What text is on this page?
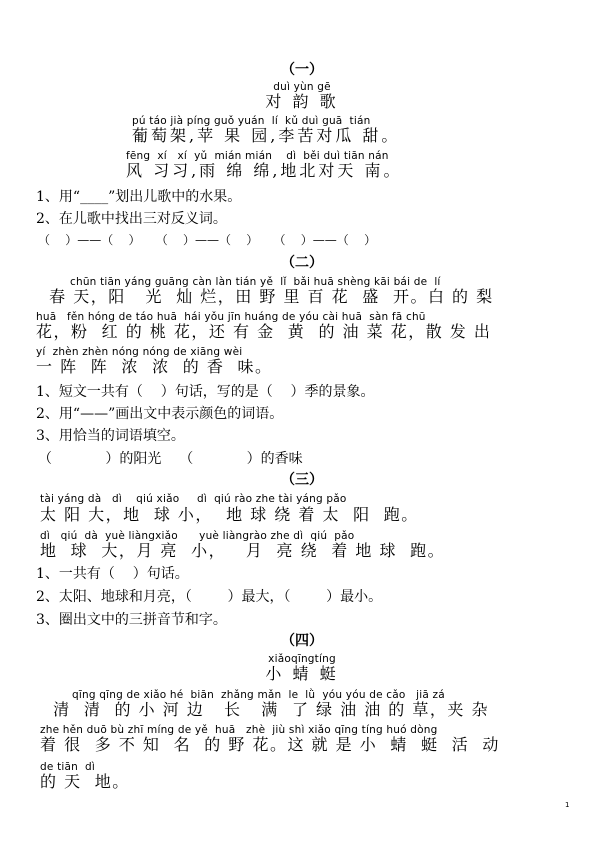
（一）
duì yùn gē
对 韵 歌
pú táo jià píng guǒ yuán  lí  kǔ duì guā  tián
葡萄架,苹 果 园,李苦对瓜 甜。
fēng  xí   xí  yǔ  mián mián    dì  běi duì tiān nán
风 习习,雨 绵 绵,地北对天 南。
1、用“____”划出儿歌中的水果。
2、在儿歌中找出三对反义词。
（    ）——（    ）    （    ）——（    ）    （    ）——（    ）
（二）
chūn tiān yáng guāng càn làn tián yě  lǐ  bǎi huā shèng kāi bái de  lí
春 天，阳   光  灿 烂，田 野 里 百 花  盛  开。白 的 梨
huā   fěn hóng de táo huā  hái yǒu jīn huáng de yóu cài huā  sàn fā chū
花，粉  红 的 桃 花，还 有 金  黄  的 油 菜 花，散 发 出
yí  zhèn zhèn nóng nóng de xiāng wèi
一 阵  阵  浓  浓  的 香  味。
1、短文一共有（    ）句话，写的是（    ）季的景象。
2、用“——”画出文中表示颜色的词语。
3、用恰当的词语填空。
（            ）的阳光    （            ）的香味
（三）
tài yáng dà   dì    qiú xiǎo     dì  qiú rào zhe tài yáng pǎo
太 阳 大，地  球 小，  地 球 绕 着 太  阳  跑。
dì   qiú  dà  yuè liàngxiǎo      yuè liàngrào zhe dì  qiú  pǎo
地  球  大，月 亮  小，   月  亮 绕  着 地 球  跑。
1、一共有（    ）句话。
2、太阳、地球和月亮，（        ）最大，（        ）最小。
3、圈出文中的三拼音节和字。
（四）
xiǎoqīngtíng
小 蜻 蜓
qīng qīng de xiǎo hé  biān  zhǎng mǎn  le  lǜ  yóu yóu de cǎo   jiā zá
清  清  的 小 河 边   长   满  了 绿 油 油 的 草，夹 杂
zhe hěn duō bù zhī míng de yě  huā   zhè  jiù shì xiǎo qīng tíng huó dòng
着 很  多 不 知  名  的 野 花。这 就 是 小  蜻  蜓  活  动
de tiān  dì
的 天  地。
1
